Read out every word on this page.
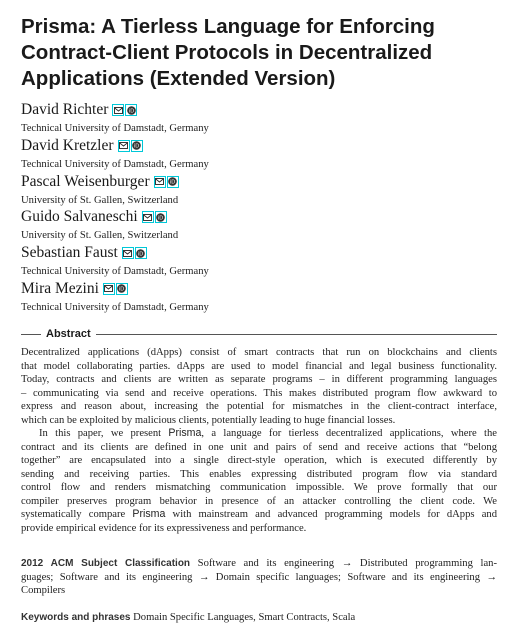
Prisma: A Tierless Language for Enforcing
Contract-Client Protocols in Decentralized
Applications (Extended Version)
David Richter	iD
Technical University of Damstadt, Germany
David Kretzler	iD
Technical University of Damstadt, Germany
Pascal Weisenburger	iD
University of St. Gallen, Switzerland
Guido Salvaneschi	iD
University of St. Gallen, Switzerland
Sebastian Faust	iD
Technical University of Damstadt, Germany
Mira Mezini	iD
Technical University of Damstadt, Germany
Abstract
Decentralized applications (dApps) consist of smart contracts that run on blockchains and clients
that model collaborating parties. dApps are used to model financial and legal business functionality.
Today, contracts and clients are written as separate programs – in different programming languages
– communicating via send and receive operations. This makes distributed program flow awkward to
express and reason about, increasing the potential for mismatches in the client-contract interface,
which can be exploited by malicious clients, potentially leading to huge financial losses.
In this paper, we present Prisma, a language for tierless decentralized applications, where the
contract and its clients are defined in one unit and pairs of send and receive actions that “belong
together” are encapsulated into a single direct-style operation, which is executed differently by
sending and receiving parties. This enables expressing distributed program flow via standard
control flow and renders mismatching communication impossible. We prove formally that our
compiler preserves program behavior in presence of an attacker controlling the client code. We
systematically compare Prisma with mainstream and advanced programming models for dApps and
provide empirical evidence for its expressiveness and performance.
2012 ACM Subject Classification Software and its engineering → Distributed programming lan-
guages; Software and its engineering → Domain specific languages; Software and its engineering →
Compilers
Keywords and phrases Domain Specific Languages, Smart Contracts, Scala
